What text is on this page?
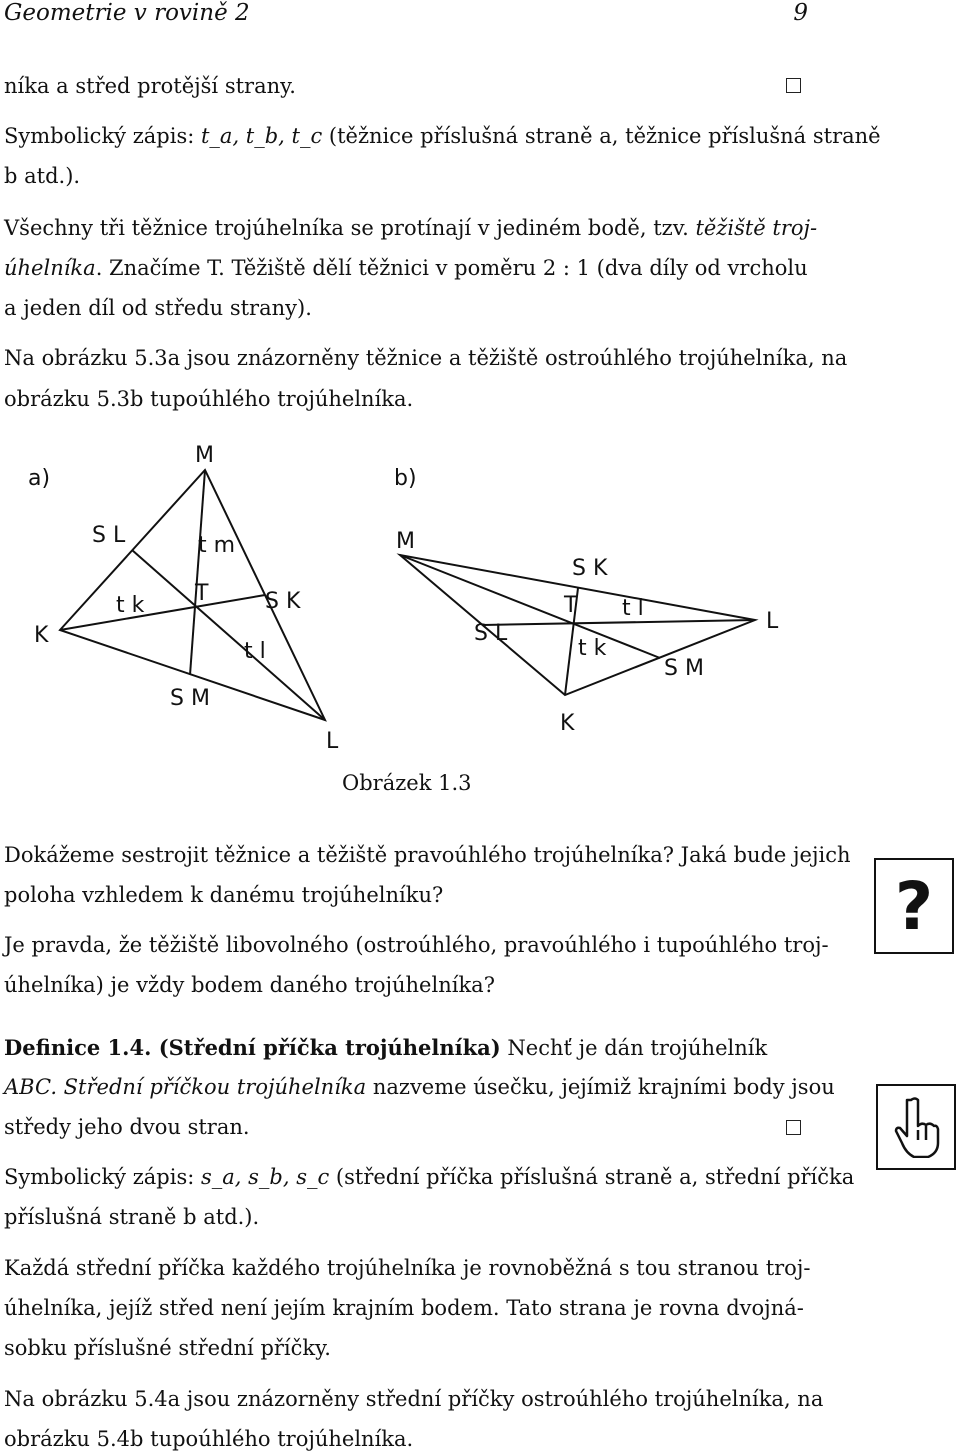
Geometrie v rovině 2	9
níka a střed protější strany.
Symbolický zápis: t_a, t_b, t_c (těžnice příslušná straně a, těžnice příslušná straně
b atd.).
Všechny tři těžnice trojúhelníka se protínají v jediném bodě, tzv. těžiště troj-
úhelníka. Značíme T. Těžiště dělí těžnici v poměru 2 : 1 (dva díly od vrcholu
a jeden díl od středu strany).
Na obrázku 5.3a jsou znázorněny těžnice a těžiště ostroúhlého trojúhelníka, na
obrázku 5.3b tupoúhlého trojúhelníka.
a)
M
K
L
S L
S K
S M
t m
t k
t l
T
b)
M
K
L
S L
S K
S M
t l
t k
T
Obrázek 1.3
Dokážeme sestrojit těžnice a těžiště pravoúhlého trojúhelníka? Jaká bude jejich
poloha vzhledem k danému trojúhelníku?
Je pravda, že těžiště libovolného (ostroúhlého, pravoúhlého i tupoúhlého troj-
úhelníka) je vždy bodem daného trojúhelníka?
?
Definice 1.4. (Střední příčka trojúhelníka) Nechť je dán trojúhelník
ABC. Střední příčkou trojúhelníka nazveme úsečku, jejímiž krajními body jsou
středy jeho dvou stran.
Symbolický zápis: s_a, s_b, s_c (střední příčka příslušná straně a, střední příčka
příslušná straně b atd.).
Každá střední příčka každého trojúhelníka je rovnoběžná s tou stranou troj-
úhelníka, jejíž střed není jejím krajním bodem. Tato strana je rovna dvojná-
sobku příslušné střední příčky.
Na obrázku 5.4a jsou znázorněny střední příčky ostroúhlého trojúhelníka, na
obrázku 5.4b tupoúhlého trojúhelníka.
